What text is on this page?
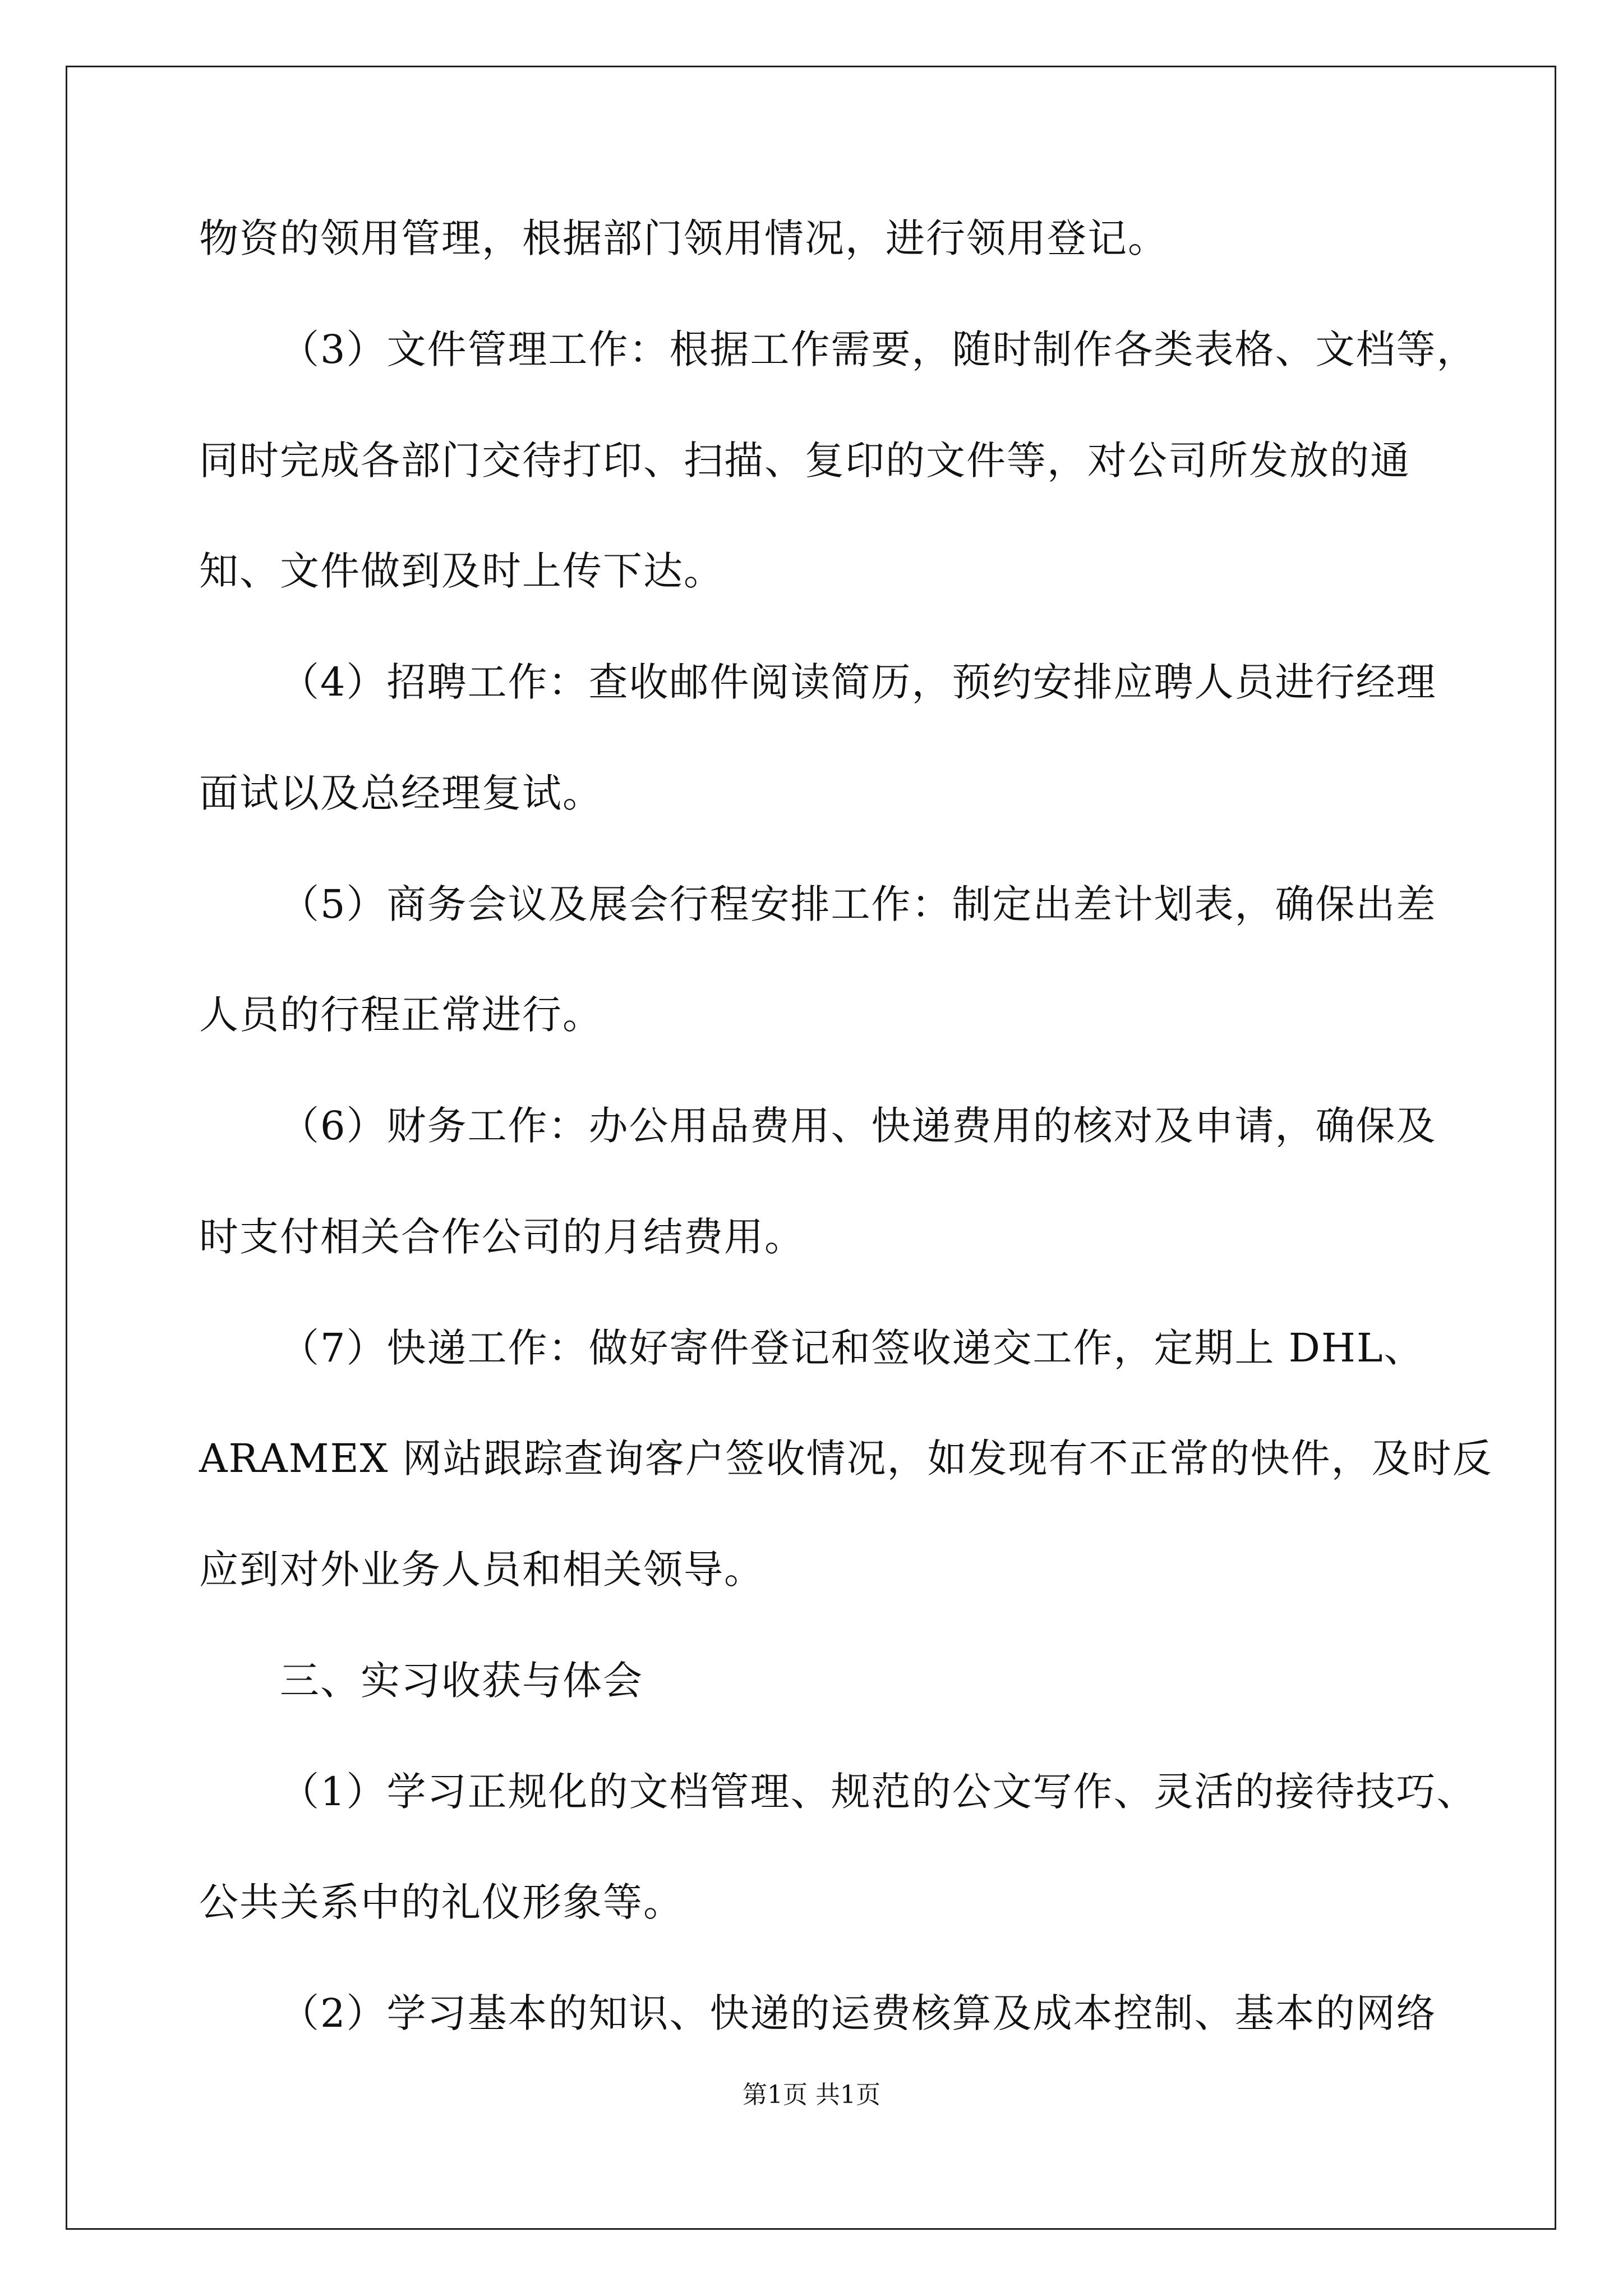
物资的领用管理，根据部门领用情况，进行领用登记。
（3）文件管理工作：根据工作需要，随时制作各类表格、文档等，
同时完成各部门交待打印、扫描、复印的文件等，对公司所发放的通
知、文件做到及时上传下达。
（4）招聘工作：查收邮件阅读简历，预约安排应聘人员进行经理
面试以及总经理复试。
（5）商务会议及展会行程安排工作：制定出差计划表，确保出差
人员的行程正常进行。
（6）财务工作：办公用品费用、快递费用的核对及申请，确保及
时支付相关合作公司的月结费用。
（7）快递工作：做好寄件登记和签收递交工作，定期上 DHL、
ARAMEX 网站跟踪查询客户签收情况，如发现有不正常的快件，及时反
应到对外业务人员和相关领导。
三、实习收获与体会
（1）学习正规化的文档管理、规范的公文写作、灵活的接待技巧、
公共关系中的礼仪形象等。
（2）学习基本的知识、快递的运费核算及成本控制、基本的网络
第1页 共1页
